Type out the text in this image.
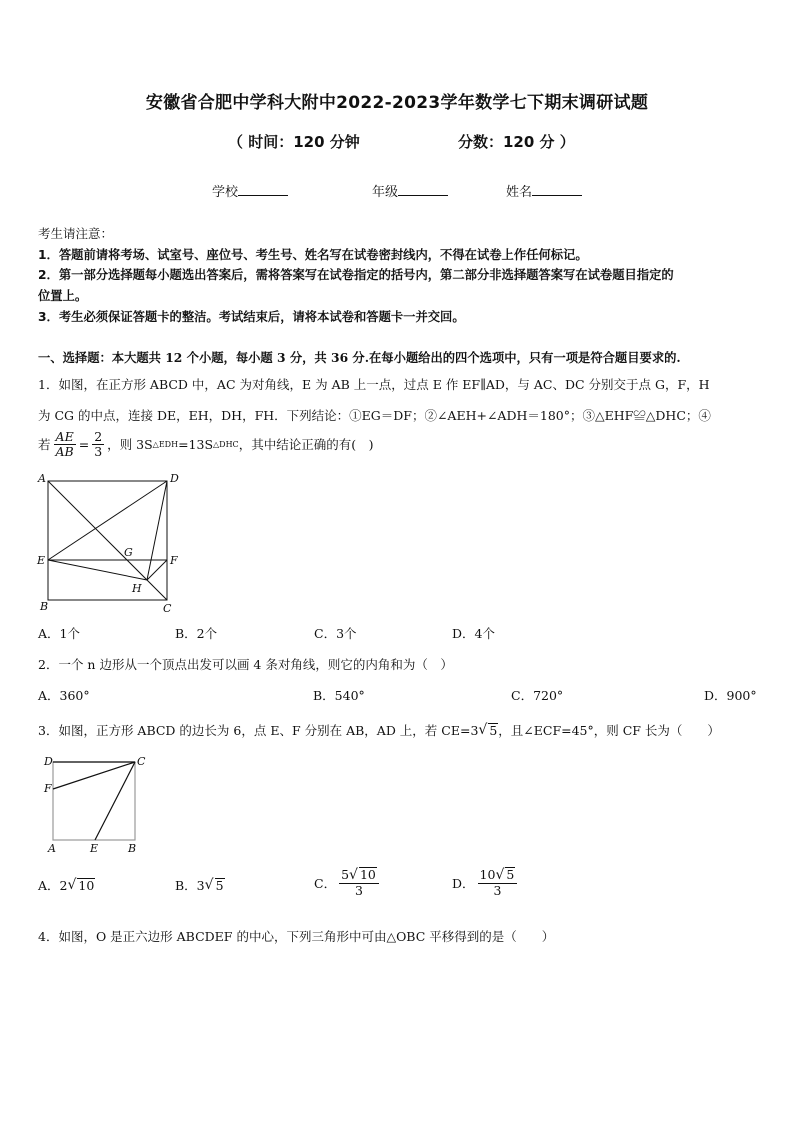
安徽省合肥中学科大附中2022-2023学年数学七下期末调研试题
（ 时间：120 分钟	分数：120 分 ）
学校	年级	姓名
考生请注意：
1．答题前请将考场、试室号、座位号、考生号、姓名写在试卷密封线内，不得在试卷上作任何标记。
2．第一部分选择题每小题选出答案后，需将答案写在试卷指定的括号内，第二部分非选择题答案写在试卷题目指定的
位置上。
3．考生必须保证答题卡的整洁。考试结束后，请将本试卷和答题卡一并交回。
一、选择题：本大题共 12 个小题，每小题 3 分，共 36 分.在每小题给出的四个选项中，只有一项是符合题目要求的.
1．如图，在正方形 ABCD 中，AC 为对角线，E 为 AB 上一点，过点 E 作 EF∥AD，与 AC、DC 分别交于点 G，F，H
为 CG 的中点，连接 DE，EH，DH，FH．下列结论：①EG＝DF；②∠AEH+∠ADH＝180°；③△EHF≌△DHC；④
若 $\frac{AE}{AB} = \frac{2}{3}$ ，则 3S △EDH =13S △DHC ，其中结论正确的有(　)
A	D
E	F
G
H
B	C
A．1个	B．2个	C．3个	D．4个
2．一个 n 边形从一个顶点出发可以画 4 条对角线，则它的内角和为（　）
A．360°	B．540°	C．720°	D．900°
3．如图，正方形 ABCD 的边长为 6，点 E、F 分别在 AB，AD 上，若 CE=3 √ 5 ，且∠ECF=45°，则 CF 长为（　　）
D	C
F
A	E	B
A．2 √ 10	B．3 √ 5	C． $\frac{5√ 10}{3}$	D． $\frac{10√ 5}{3}$
4．如图，O 是正六边形 ABCDEF 的中心，下列三角形中可由△OBC 平移得到的是（　　）
